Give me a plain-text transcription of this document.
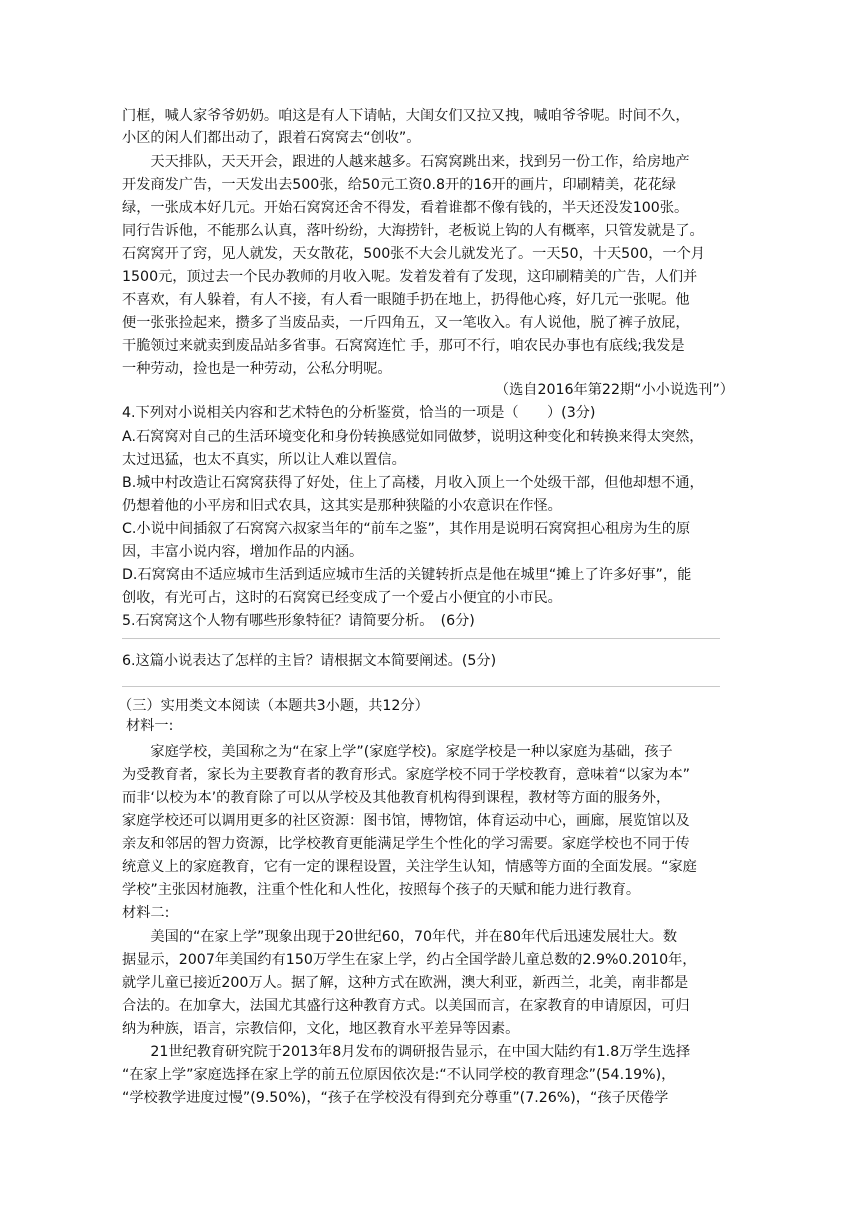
门框，喊人家爷爷奶奶。咱这是有人下请帖，大闺女们又拉又拽，喊咱爷爷呢。时间不久，
小区的闲人们都出动了，跟着石窝窝去“创收”。
　　天天排队，天天开会，跟进的人越来越多。石窝窝跳出来，找到另一份工作，给房地产
开发商发广告，一天发出去500张，给50元工资0.8开的16开的画片，印刷精美，花花绿
绿，一张成本好几元。开始石窝窝还舍不得发，看着谁都不像有钱的，半天还没发100张。
同行告诉他，不能那么认真，落叶纷纷，大海捞针，老板说上钩的人有概率，只管发就是了。
石窝窝开了窍，见人就发，天女散花，500张不大会儿就发光了。一天50，十天500，一个月
1500元，顶过去一个民办教师的月收入呢。发着发着有了发现，这印刷精美的广告，人们并
不喜欢，有人躲着，有人不接，有人看一眼随手扔在地上，扔得他心疼，好几元一张呢。他
便一张张捡起来，攒多了当废品卖，一斤四角五，又一笔收入。有人说他，脱了裤子放屁，
干脆领过来就卖到废品站多省事。石窝窝连忙 手，那可不行，咱农民办事也有底线;我发是
一种劳动，捡也是一种劳动，公私分明呢。
（选自2016年第22期“小小说选刊”）
4.下列对小说相关内容和艺术特色的分析鉴赏，恰当的一项是（　　）(3分)
A.石窝窝对自己的生活环境变化和身份转换感觉如同做梦，说明这种变化和转换来得太突然，
太过迅猛，也太不真实，所以让人难以置信。
B.城中村改造让石窝窝获得了好处，住上了高楼，月收入顶上一个处级干部，但他却想不通，
仍想着他的小平房和旧式农具，这其实是那种狭隘的小农意识在作怪。
C.小说中间插叙了石窝窝六叔家当年的“前车之鉴”，其作用是说明石窝窝担心租房为生的原
因，丰富小说内容，增加作品的内涵。
D.石窝窝由不适应城市生活到适应城市生活的关键转折点是他在城里“摊上了许多好事”，能
创收，有光可占，这时的石窝窝已经变成了一个爱占小便宜的小市民。
5.石窝窝这个人物有哪些形象特征？请简要分析。　(6分)
6.这篇小说表达了怎样的主旨？请根据文本简要阐述。(5分)
（三）实用类文本阅读（本题共3小题，共12分）
材料一:
　　家庭学校，美国称之为“在家上学”(家庭学校)。家庭学校是一种以家庭为基础，孩子
为受教育者，家长为主要教育者的教育形式。家庭学校不同于学校教育，意味着“以家为本”
而非‘以校为本’的教育除了可以从学校及其他教育机构得到课程，教材等方面的服务外，
家庭学校还可以调用更多的社区资源：图书馆，博物馆，体育运动中心，画廊，展览馆以及
亲友和邻居的智力资源，比学校教育更能满足学生个性化的学习需要。家庭学校也不同于传
统意义上的家庭教育，它有一定的课程设置，关注学生认知，情感等方面的全面发展。“家庭
学校”主张因材施教，注重个性化和人性化，按照每个孩子的天赋和能力进行教育。
材料二:
　　美国的“在家上学”现象出现于20世纪60，70年代，并在80年代后迅速发展壮大。数
据显示，2007年美国约有150万学生在家上学，约占全国学龄儿童总数的2.9%0.2010年，
就学儿童已接近200万人。据了解，这种方式在欧洲，澳大利亚，新西兰，北美，南非都是
合法的。在加拿大，法国尤其盛行这种教育方式。以美国而言，在家教育的申请原因，可归
纳为种族，语言，宗教信仰，文化，地区教育水平差异等因素。
　　21世纪教育研究院于2013年8月发布的调研报告显示，在中国大陆约有1.8万学生选择
“在家上学”家庭选择在家上学的前五位原因依次是:“不认同学校的教育理念”(54.19%)，
“学校教学进度过慢”(9.50%)，“孩子在学校没有得到充分尊重”(7.26%)，“孩子厌倦学
